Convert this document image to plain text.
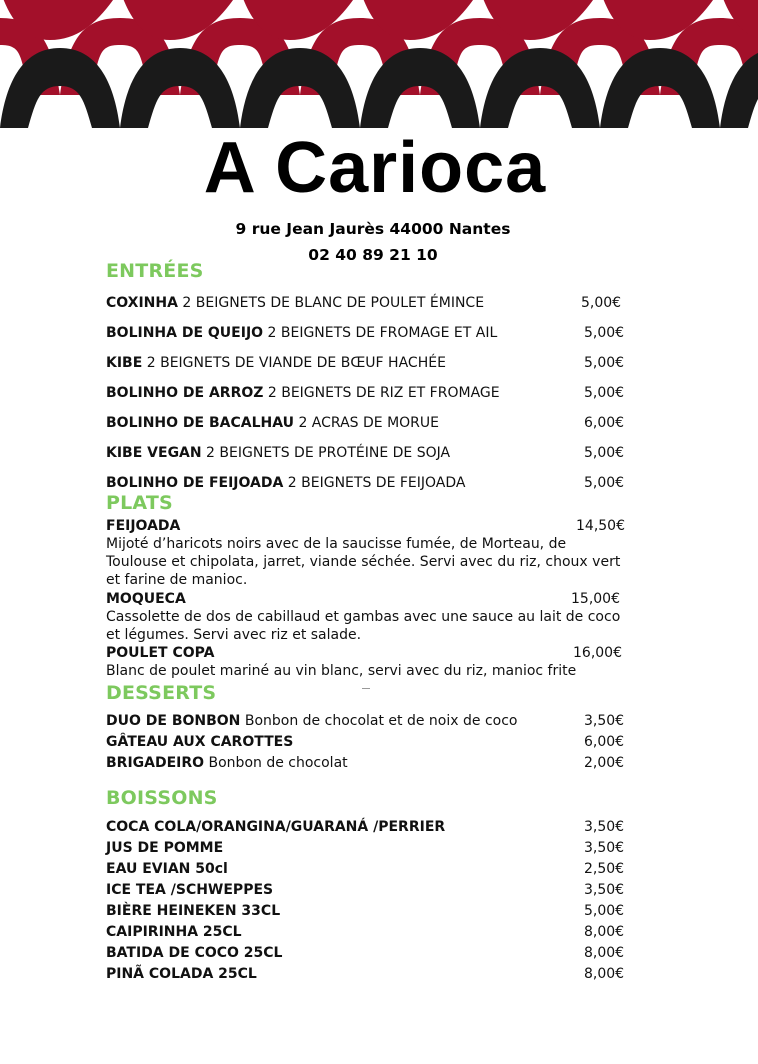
A Carioca
9 rue Jean Jaurès 44000 Nantes
02 40 89 21 10
ENTRÉES
COXINHA 2 BEIGNETS DE BLANC DE POULET ÉMINCE	5,00€
BOLINHA DE QUEIJO 2 BEIGNETS DE FROMAGE ET AIL	5,00€
KIBE 2 BEIGNETS DE VIANDE DE BŒUF HACHÉE	5,00€
BOLINHO DE ARROZ 2 BEIGNETS DE RIZ ET FROMAGE	5,00€
BOLINHO DE BACALHAU 2 ACRAS DE MORUE	6,00€
KIBE VEGAN 2 BEIGNETS DE PROTÉINE DE SOJA	5,00€
BOLINHO DE FEIJOADA 2 BEIGNETS DE FEIJOADA	5,00€
PLATS
FEIJOADA	14,50€
Mijoté d’haricots noirs avec de la saucisse fumée, de Morteau, de Toulouse et chipolata, jarret, viande séchée. Servi avec du riz, choux vert et farine de manioc.
MOQUECA	15,00€
Cassolette de dos de cabillaud et gambas avec une sauce au lait de coco et légumes. Servi avec riz et salade.
POULET COPA	16,00€
Blanc de poulet mariné au vin blanc, servi avec du riz, manioc frite
DESSERTS
DUO DE BONBON Bonbon de chocolat et de noix de coco	3,50€
GÂTEAU AUX CAROTTES	6,00€
BRIGADEIRO Bonbon de chocolat	2,00€
BOISSONS
COCA COLA/ORANGINA/GUARANÁ /PERRIER	3,50€
JUS DE POMME	3,50€
EAU EVIAN 50cl	2,50€
ICE TEA /SCHWEPPES	3,50€
BIÈRE HEINEKEN 33CL	5,00€
CAIPIRINHA 25CL	8,00€
BATIDA DE COCO 25CL	8,00€
PINÃ COLADA 25CL	8,00€
